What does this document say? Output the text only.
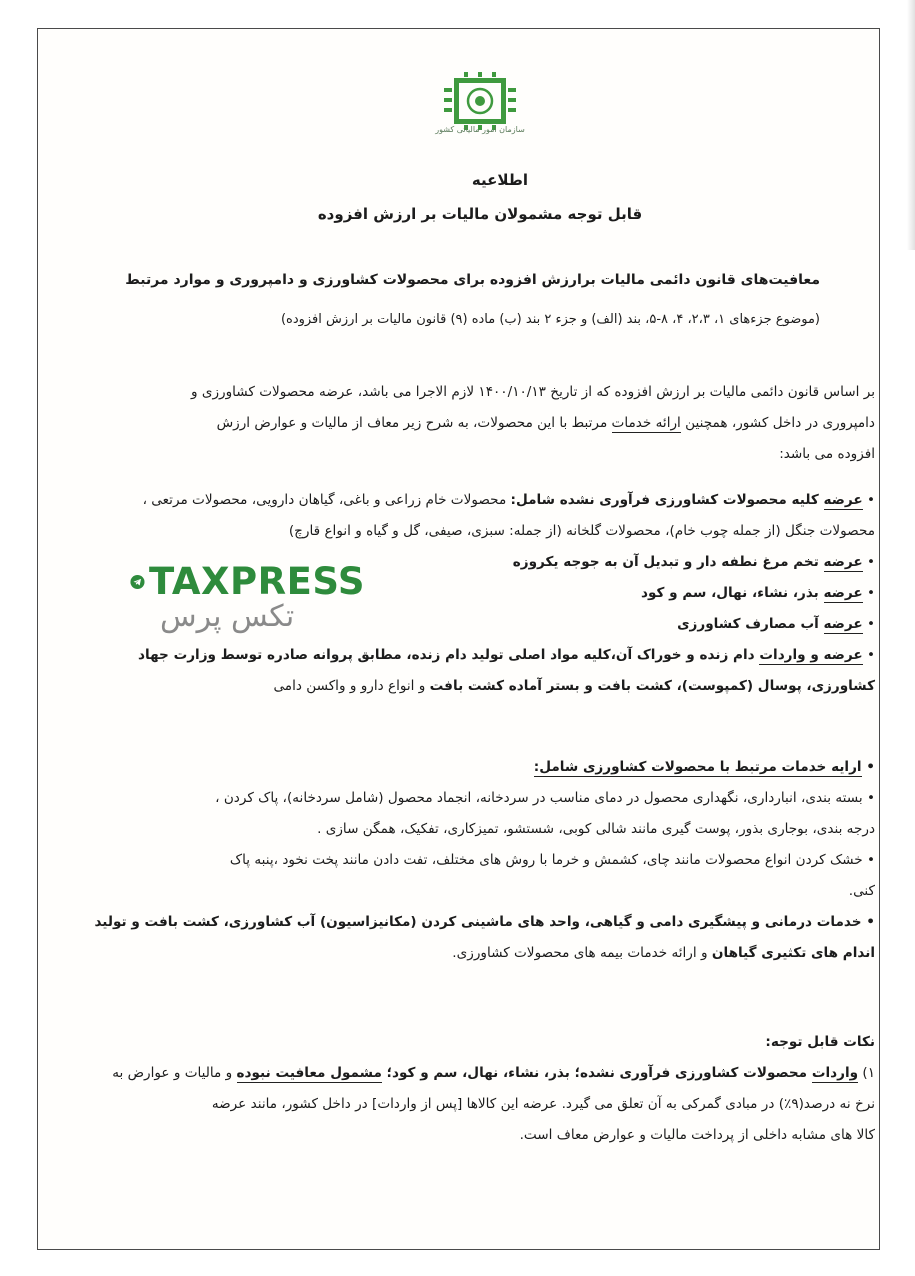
سازمان امور مالیاتی کشور
اطلاعیه
قابل توجه مشمولان مالیات بر ارزش افزوده
معافیت‌های قانون دائمی مالیات برارزش افزوده برای محصولات کشاورزی و دامپروری و موارد مرتبط
(موضوع جزءهای ۱، ۲،۳، ۴، ۸-۵، بند (الف) و جزء ۲ بند (ب) ماده (۹) قانون مالیات بر ارزش افزوده)
بر اساس قانون دائمی مالیات بر ارزش افزوده که از تاریخ ۱۴۰۰/۱۰/۱۳ لازم الاجرا می باشد، عرضه محصولات کشاورزی و
دامپروری در داخل کشور، همچنین ارائه خدمات مرتبط با این محصولات، به شرح زیر معاف از مالیات و عوارض ارزش
افزوده می باشد:
• عرضه کلیه محصولات کشاورزی فرآوری نشده شامل: محصولات خام زراعی و باغی، گیاهان دارویی، محصولات مرتعی ،
محصولات جنگل (از جمله چوب خام)، محصولات گلخانه (از جمله: سبزی، صیفی، گل و گیاه و انواع قارچ)
• عرضه تخم مرغ نطفه دار و تبدیل آن به جوجه یکروزه
• عرضه بذر، نشاء، نهال، سم و کود
• عرضه آب مصارف کشاورزی
• عرضه و واردات دام زنده و خوراک آن،کلیه مواد اصلی تولید دام زنده، مطابق پروانه صادره توسط وزارت جهاد
کشاورزی، پوسال (کمپوست)، کشت بافت و بستر آماده کشت بافت و انواع دارو و واکسن دامی
• ارایه خدمات مرتبط با محصولات کشاورزی شامل:
• بسته بندی، انبارداری، نگهداری محصول در دمای مناسب در سردخانه، انجماد محصول (شامل سردخانه)، پاک کردن ،
درجه بندی، بوجاری بذور، پوست گیری مانند شالی کوبی، شستشو، تمیزکاری، تفکیک، همگن سازی .
• خشک کردن انواع محصولات مانند چای، کشمش و خرما با روش های مختلف، تفت دادن مانند پخت نخود ،پنبه پاک
کنی.
• خدمات درمانی و پیشگیری دامی و گیاهی، واحد های ماشینی کردن (مکانیزاسیون) آب کشاورزی، کشت بافت و تولید
اندام های تکثیری گیاهان و ارائه خدمات بیمه های محصولات کشاورزی.
نکات قابل توجه:
۱) واردات محصولات کشاورزی فرآوری نشده؛ بذر، نشاء، نهال، سم و کود؛ مشمول معافیت نبوده و مالیات و عوارض به
نرخ نه درصد(۹٪) در مبادی گمرکی به آن تعلق می گیرد. عرضه این کالاها [پس از واردات] در داخل کشور، مانند عرضه
کالا های مشابه داخلی از پرداخت مالیات و عوارض معاف است.
TAXPRESS
تکس پرس
